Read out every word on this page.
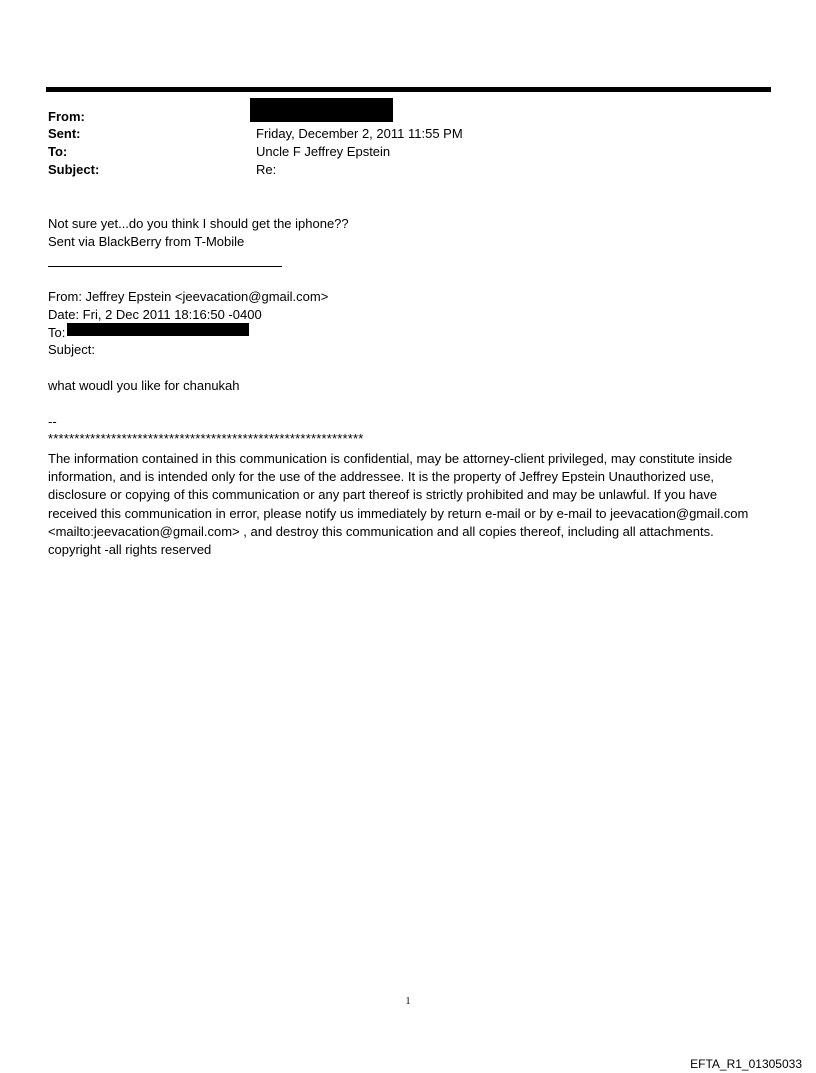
From:
Sent:	Friday, December 2, 2011 11:55 PM
To:	Uncle F Jeffrey Epstein
Subject:	Re:
Not sure yet...do you think I should get the iphone??
Sent via BlackBerry from T-Mobile
From: Jeffrey Epstein <jeevacation@gmail.com>
Date: Fri, 2 Dec 2011 18:16:50 -0400
To:
Subject:
what woudl you like for chanukah
--
************************************************************
The information contained in this communication is confidential, may be attorney-client privileged, may constitute inside information, and is intended only for the use of the addressee. It is the property of Jeffrey Epstein Unauthorized use, disclosure or copying of this communication or any part thereof is strictly prohibited and may be unlawful. If you have received this communication in error, please notify us immediately by return e-mail or by e-mail to jeevacation@gmail.com <mailto:jeevacation@gmail.com> , and destroy this communication and all copies thereof, including all attachments. copyright -all rights reserved
1
EFTA_R1_01305033
